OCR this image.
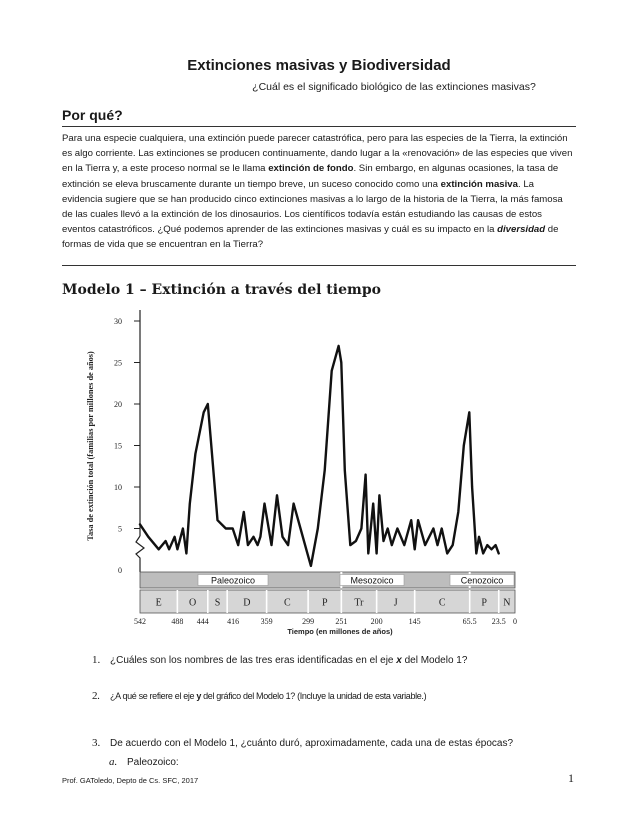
Extinciones masivas y Biodiversidad
¿Cuál es el significado biológico de las extinciones masivas?
Por qué?
Para una especie cualquiera, una extinción puede parecer catastrófica, pero para las especies de la Tierra, la extinción es algo corriente. Las extinciones se producen continuamente, dando lugar a la «renovación» de las especies que viven en la Tierra y, a este proceso normal se le llama extinción de fondo. Sin embargo, en algunas ocasiones, la tasa de extinción se eleva bruscamente durante un tiempo breve, un suceso conocido como una extinción masiva. La evidencia sugiere que se han producido cinco extinciones masivas a lo largo de la historia de la Tierra, la más famosa de las cuales llevó a la extinción de los dinosaurios. Los científicos todavía están estudiando las causas de estos eventos catastróficos. ¿Qué podemos aprender de las extinciones masivas y cuál es su impacto en la diversidad de formas de vida que se encuentran en la Tierra?
Modelo 1 – Extinción a través del tiempo
0
5
10
15
20
25
30
Tasa de extinción total (familias por millones de años)
Paleozoico	Mesozoico	Cenozoico
E	O S D	C	P	Tr	J	C	P N
542	488 444 416	359	299	251	200	145	65.5 23.5 0
Tiempo (en millones de años)
1. ¿Cuáles son los nombres de las tres eras identificadas en el eje x del Modelo 1?
2. ¿A qué se refiere el eje y del gráfico del Modelo 1? (Incluye la unidad de esta variable.)
3. De acuerdo con el Modelo 1, ¿cuánto duró, aproximadamente, cada una de estas épocas?
a. Paleozoico:
Prof. GAToledo, Depto de Cs. SFC, 2017	1
